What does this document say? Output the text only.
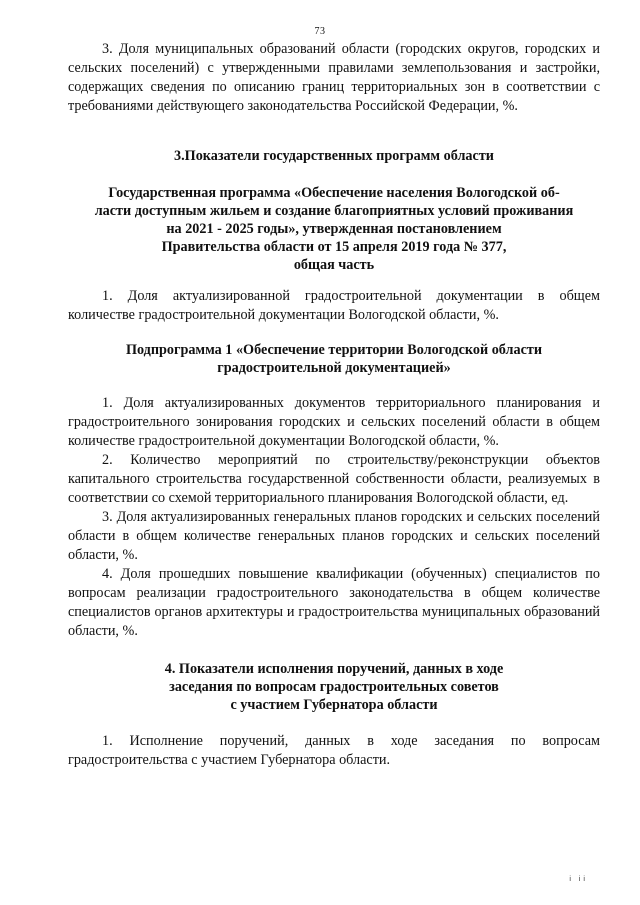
73

3. Доля муниципальных образований области (городских округов, городских и сельских поселений) с утвержденными правилами землепользования и застройки, содержащих сведения по описанию границ территориальных зон в соответствии с требованиями действующего законодательства Российской Федерации, %.

3.Показатели государственных программ области

Государственная программа «Обеспечение населения Вологодской об-
ласти доступным жильем и создание благоприятных условий проживания
на 2021 - 2025 годы», утвержденная постановлением
Правительства области от 15 апреля 2019 года № 377,
общая часть

1. Доля актуализированной градостроительной документации в общем количестве градостроительной документации Вологодской области, %.

Подпрограмма 1 «Обеспечение территории Вологодской области
градостроительной документацией»

1. Доля актуализированных документов территориального планирования и градостроительного зонирования городских и сельских поселений области в общем количестве градостроительной документации Вологодской области, %.

2. Количество мероприятий по строительству/реконструкции объектов капитального строительства государственной собственности области, реализуемых в соответствии со схемой территориального планирования Вологодской области, ед.

3. Доля актуализированных генеральных планов городских и сельских поселений области в общем количестве генеральных планов городских и сельских поселений области, %.

4. Доля прошедших повышение квалификации (обученных) специалистов по вопросам реализации градостроительного законодательства в общем количестве специалистов органов архитектуры и градостроительства муниципальных образований области, %.

4. Показатели исполнения поручений, данных в ходе
заседания по вопросам градостроительных советов
с участием Губернатора области

1. Исполнение поручений, данных в ходе заседания по вопросам градостроительства с участием Губернатора области.

i ii
